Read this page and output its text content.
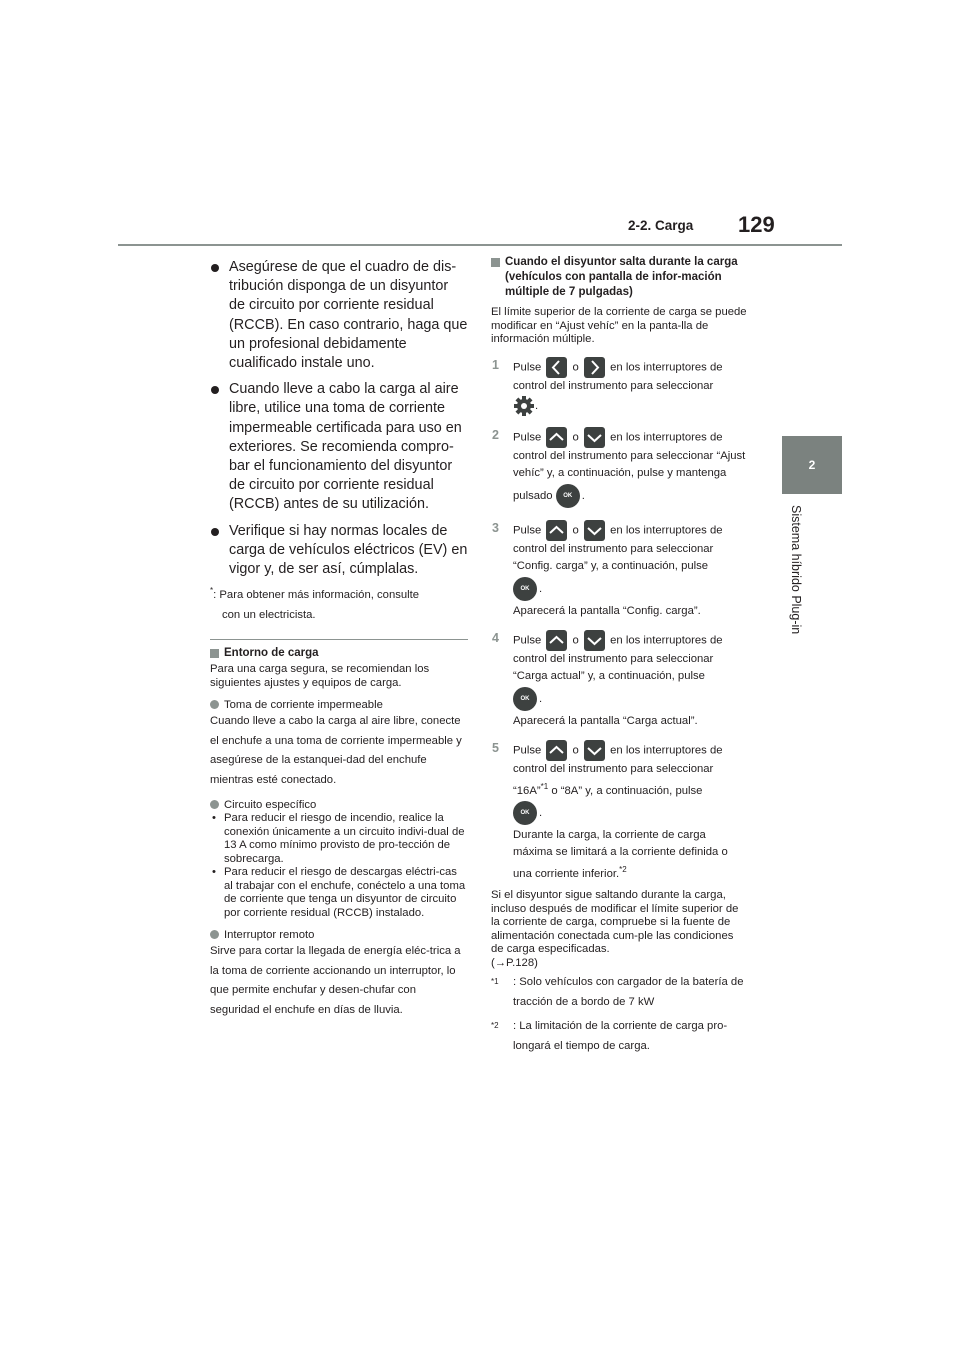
2-2. Carga 129
2
Sistema híbrido Plug-in
Asegúrese de que el cuadro de dis-tribución disponga de un disyuntor de circuito por corriente residual (RCCB). En caso contrario, haga que un profesional debidamente cualificado instale uno.
Cuando lleve a cabo la carga al aire libre, utilice una toma de corriente impermeable certificada para uso en exteriores. Se recomienda compro-bar el funcionamiento del disyuntor de circuito por corriente residual (RCCB) antes de su utilización.
Verifique si hay normas locales de carga de vehículos eléctricos (EV) en vigor y, de ser así, cúmplalas.
*: Para obtener más información, consulte
con un electricista.
Entorno de carga
Para una carga segura, se recomiendan los siguientes ajustes y equipos de carga.
Toma de corriente impermeable
Cuando lleve a cabo la carga al aire libre, conecte el enchufe a una toma de corriente impermeable y asegúrese de la estanquei-dad del enchufe mientras esté conectado.
Circuito específico
• Para reducir el riesgo de incendio, realice la conexión únicamente a un circuito indivi-dual de 13 A como mínimo provisto de pro-tección de sobrecarga.
• Para reducir el riesgo de descargas eléctri-cas al trabajar con el enchufe, conéctelo a una toma de corriente que tenga un disyuntor de circuito por corriente residual (RCCB) instalado.
Interruptor remoto
Sirve para cortar la llegada de energía eléc-trica a la toma de corriente accionando un interruptor, lo que permite enchufar y desen-chufar con seguridad el enchufe en días de lluvia.
Cuando el disyuntor salta durante la carga (vehículos con pantalla de infor-mación múltiple de 7 pulgadas)
El límite superior de la corriente de carga se puede modificar en “Ajust vehíc” en la panta-lla de información múltiple.
1 Pulse	o	en los interruptores de control del instrumento para seleccionar
.
2 Pulse	o	en los interruptores de control del instrumento para seleccionar “Ajust vehíc” y, a continuación, pulse y mantenga pulsado OK .
3 Pulse	o	en los interruptores de control del instrumento para seleccionar “Config. carga” y, a continuación, pulse
OK .
Aparecerá la pantalla “Config. carga”.
4 Pulse	o	en los interruptores de control del instrumento para seleccionar “Carga actual” y, a continuación, pulse
OK .
Aparecerá la pantalla “Carga actual”.
5 Pulse	o	en los interruptores de control del instrumento para seleccionar “16A”$^{*1}$ o “8A” y, a continuación, pulse
OK .
Durante la carga, la corriente de carga máxima se limitará a la corriente definida o una corriente inferior.$^{*2}$
Si el disyuntor sigue saltando durante la carga, incluso después de modificar el límite superior de la corriente de carga, compruebe si la fuente de alimentación conectada cum-ple las condiciones de carga especificadas.
(→P.128)
*1 : Solo vehículos con cargador de la batería de tracción de a bordo de 7 kW
*2 : La limitación de la corriente de carga pro-longará el tiempo de carga.
